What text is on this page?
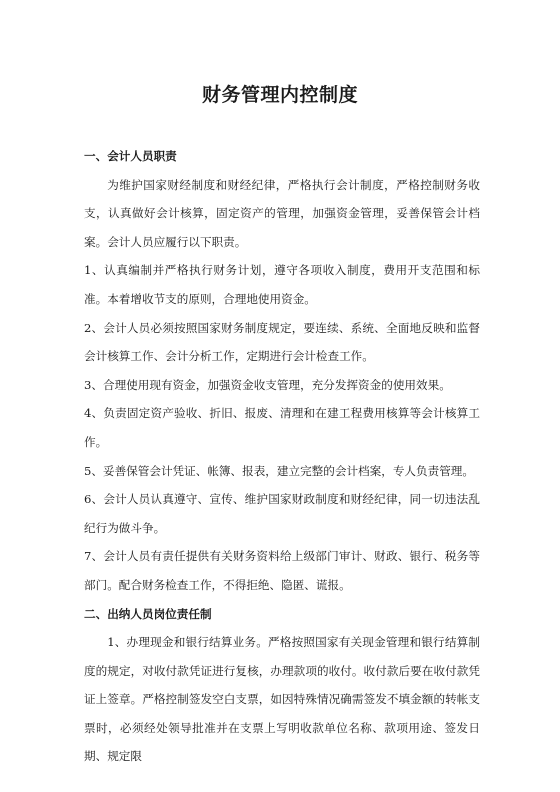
财务管理内控制度

一、会计人员职责

为维护国家财经制度和财经纪律，严格执行会计制度，严格控制财务收支，认真做好会计核算，固定资产的管理，加强资金管理，妥善保管会计档案。会计人员应履行以下职责。

1、认真编制并严格执行财务计划，遵守各项收入制度，费用开支范围和标准。本着增收节支的原则，合理地使用资金。

2、会计人员必须按照国家财务制度规定，要连续、系统、全面地反映和监督会计核算工作、会计分析工作，定期进行会计检查工作。

3、合理使用现有资金，加强资金收支管理，充分发挥资金的使用效果。

4、负责固定资产验收、折旧、报废、清理和在建工程费用核算等会计核算工作。

5、妥善保管会计凭证、帐簿、报表，建立完整的会计档案，专人负责管理。

6、会计人员认真遵守、宣传、维护国家财政制度和财经纪律，同一切违法乱纪行为做斗争。

7、会计人员有责任提供有关财务资料给上级部门审计、财政、银行、税务等部门。配合财务检查工作，不得拒绝、隐匿、谎报。

二、出纳人员岗位责任制

1、办理现金和银行结算业务。严格按照国家有关现金管理和银行结算制度的规定，对收付款凭证进行复核，办理款项的收付。收付款后要在收付款凭证上签章。严格控制签发空白支票，如因特殊情况确需签发不填金额的转帐支票时，必须经处领导批准并在支票上写明收款单位名称、款项用途、签发日期、规定限
